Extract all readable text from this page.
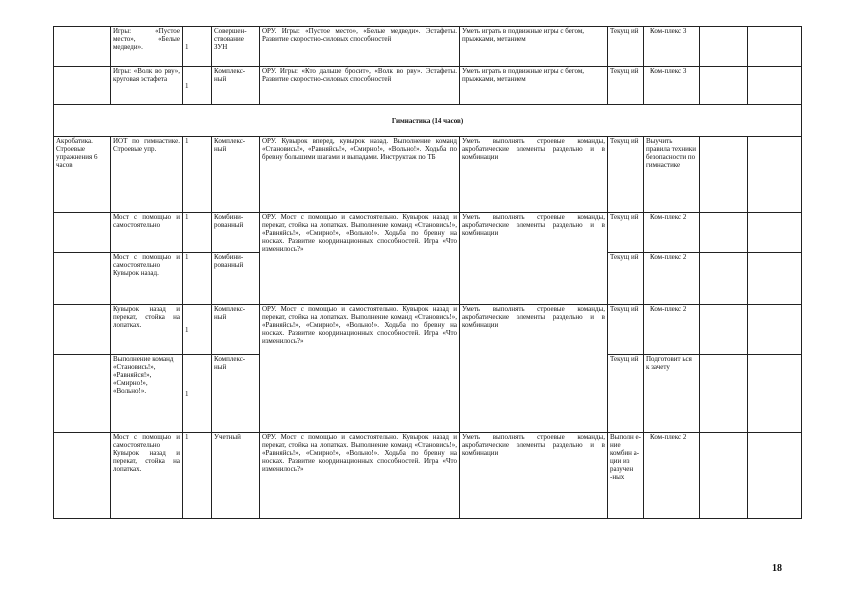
	Игры: «Пустое место», «Белые медведи».	1	Совершен-ствование ЗУН	ОРУ. Игры: «Пустое место», «Белые медведи». Эстафеты. Развитие скоростно-силовых способностей	Уметь играть в подвижные игры с бегом, прыжками, метанием	Текущ ий	Ком-плекс 3		
	Игры: «Волк во рву», круговая эстафета	1	Комплекс-ный	ОРУ. Игры: «Кто дальше бросит», «Волк во рву». Эстафеты. Развитие скоростно-силовых способностей	Уметь играть в подвижные игры с бегом, прыжками, метанием	Текущ ий	Ком-плекс 3		
Гимнастика (14 часов)									
Акробатика. Строевые упражнения 6 часов	ИОТ по гимнастике. Строевые упр.	1	Комплекс-ный	ОРУ. Кувырок вперед, кувырок назад. Выполнение команд «Становись!», «Равняйсь!», «Смирно!», «Вольно!». Ходьба по бревну большими шагами и выпадами. Инструктаж по ТБ	Уметь выполнять строевые команды, акробатические элементы раздельно и в комбинации	Текущ ий	Выучить правила техники безопасности по гимнастике		
	Мост с помощью и самостоятельно	1	Комбини-рованный	ОРУ. Мост с помощью и самостоятельно. Кувырок назад и перекат, стойка на лопатках. Выполнение команд «Становись!», «Равняйсь!», «Смирно!», «Вольно!». Ходьба по бревну на носках. Развитие координационных способностей. Игра «Что изменилось?»	Уметь выполнять строевые команды, акробатические элементы раздельно и в комбинации	Текущ ий	Ком-плекс 2		
	Мост с помощью и самостоятельно Кувырок назад.	1	Комбини-рованный			Текущ ий	Ком-плекс 2		
	Кувырок назад и перекат, стойка на лопатках.	1	Комплекс-ный	ОРУ. Мост с помощью и самостоятельно. Кувырок назад и перекат, стойка на лопатках. Выполнение команд «Становись!», «Равняйсь!», «Смирно!», «Вольно!». Ходьба по бревну на носках. Развитие координационных способностей. Игра «Что изменилось?»	Уметь выполнять строевые команды, акробатические элементы раздельно и в комбинации	Текущ ий	Ком-плекс 2		
	Выполнение команд «Становись!», «Равняйся!», «Смирно!», «Вольно!».	1	Комплекс-ный			Текущ ий	Подготовит ься к зачету		
	Мост с помощью и самостоятельно Кувырок назад и перекат, стойка на лопатках.	1	Учетный	ОРУ. Мост с помощью и самостоятельно. Кувырок назад и перекат, стойка на лопатках. Выполнение команд «Становись!», «Равняйсь!», «Смирно!», «Вольно!». Ходьба по бревну на носках. Развитие координационных способностей. Игра «Что изменилось?»	Уметь выполнять строевые команды, акробатические элементы раздельно и в комбинации	Выполн е-ние комбин а-ции из разучен -ных	Ком-плекс 2		
18
